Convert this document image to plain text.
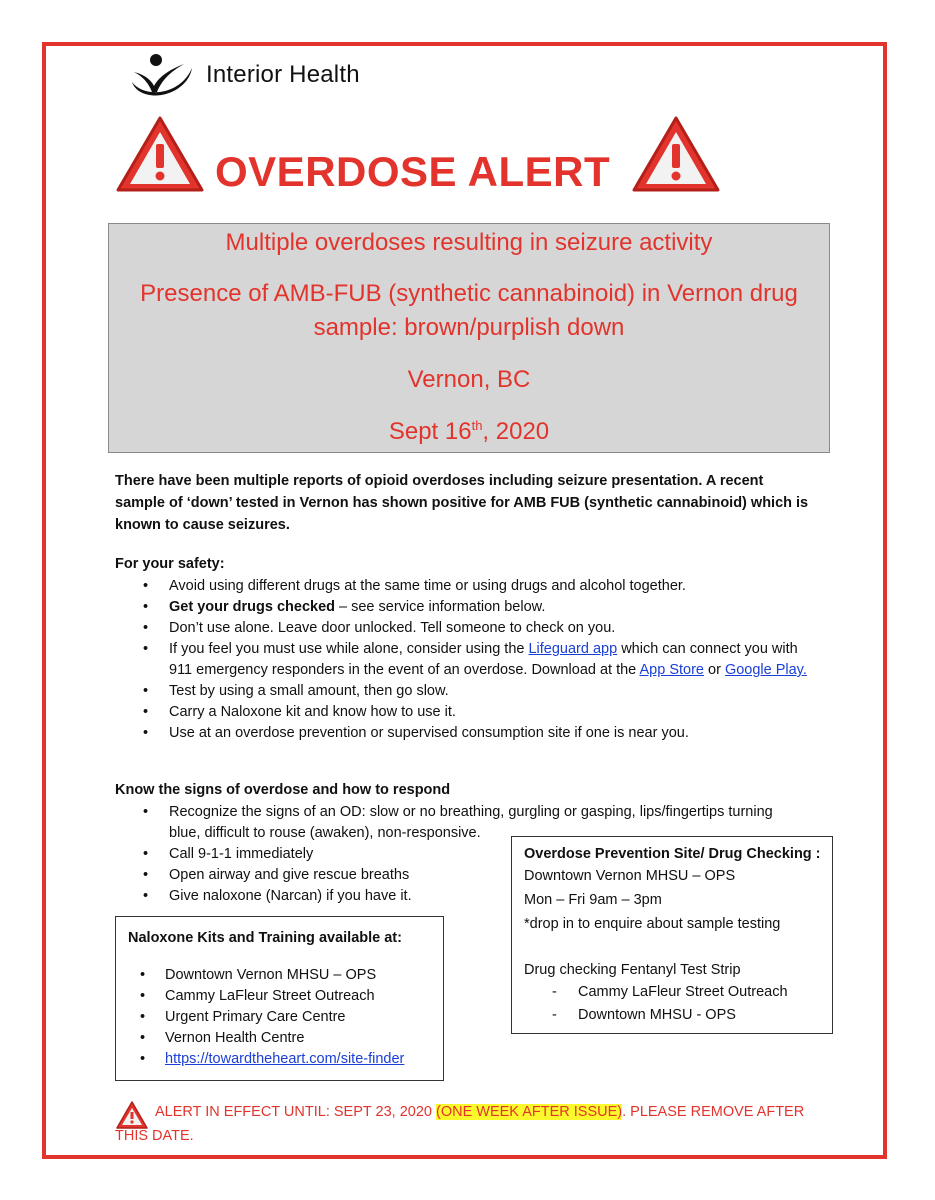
Interior Health
OVERDOSE ALERT
Multiple overdoses resulting in seizure activity
Presence of AMB-FUB (synthetic cannabinoid) in Vernon drug
sample: brown/purplish down
Vernon, BC
Sept 16th, 2020
There have been multiple reports of opioid overdoses including seizure presentation. A recent sample of ‘down’ tested in Vernon has shown positive for AMB FUB (synthetic cannabinoid) which is known to cause seizures.
For your safety:
• Avoid using different drugs at the same time or using drugs and alcohol together.
• Get your drugs checked – see service information below.
• Don’t use alone. Leave door unlocked. Tell someone to check on you.
• If you feel you must use while alone, consider using the Lifeguard app which can connect you with 911 emergency responders in the event of an overdose. Download at the App Store or Google Play.
• Test by using a small amount, then go slow.
• Carry a Naloxone kit and know how to use it.
• Use at an overdose prevention or supervised consumption site if one is near you.
Know the signs of overdose and how to respond
• Recognize the signs of an OD: slow or no breathing, gurgling or gasping, lips/fingertips turning
blue, difficult to rouse (awaken), non-responsive.
• Call 9-1-1 immediately
• Open airway and give rescue breaths
• Give naloxone (Narcan) if you have it.
Overdose Prevention Site/ Drug Checking :
Downtown Vernon MHSU – OPS
Mon – Fri 9am – 3pm
*drop in to enquire about sample testing
Drug checking Fentanyl Test Strip
- Cammy LaFleur Street Outreach
- Downtown MHSU - OPS
Naloxone Kits and Training available at:
• Downtown Vernon MHSU – OPS
• Cammy LaFleur Street Outreach
• Urgent Primary Care Centre
• Vernon Health Centre
• https://towardtheheart.com/site-finder
ALERT IN EFFECT UNTIL: SEPT 23, 2020 (ONE WEEK AFTER ISSUE). PLEASE REMOVE AFTER THIS DATE.
